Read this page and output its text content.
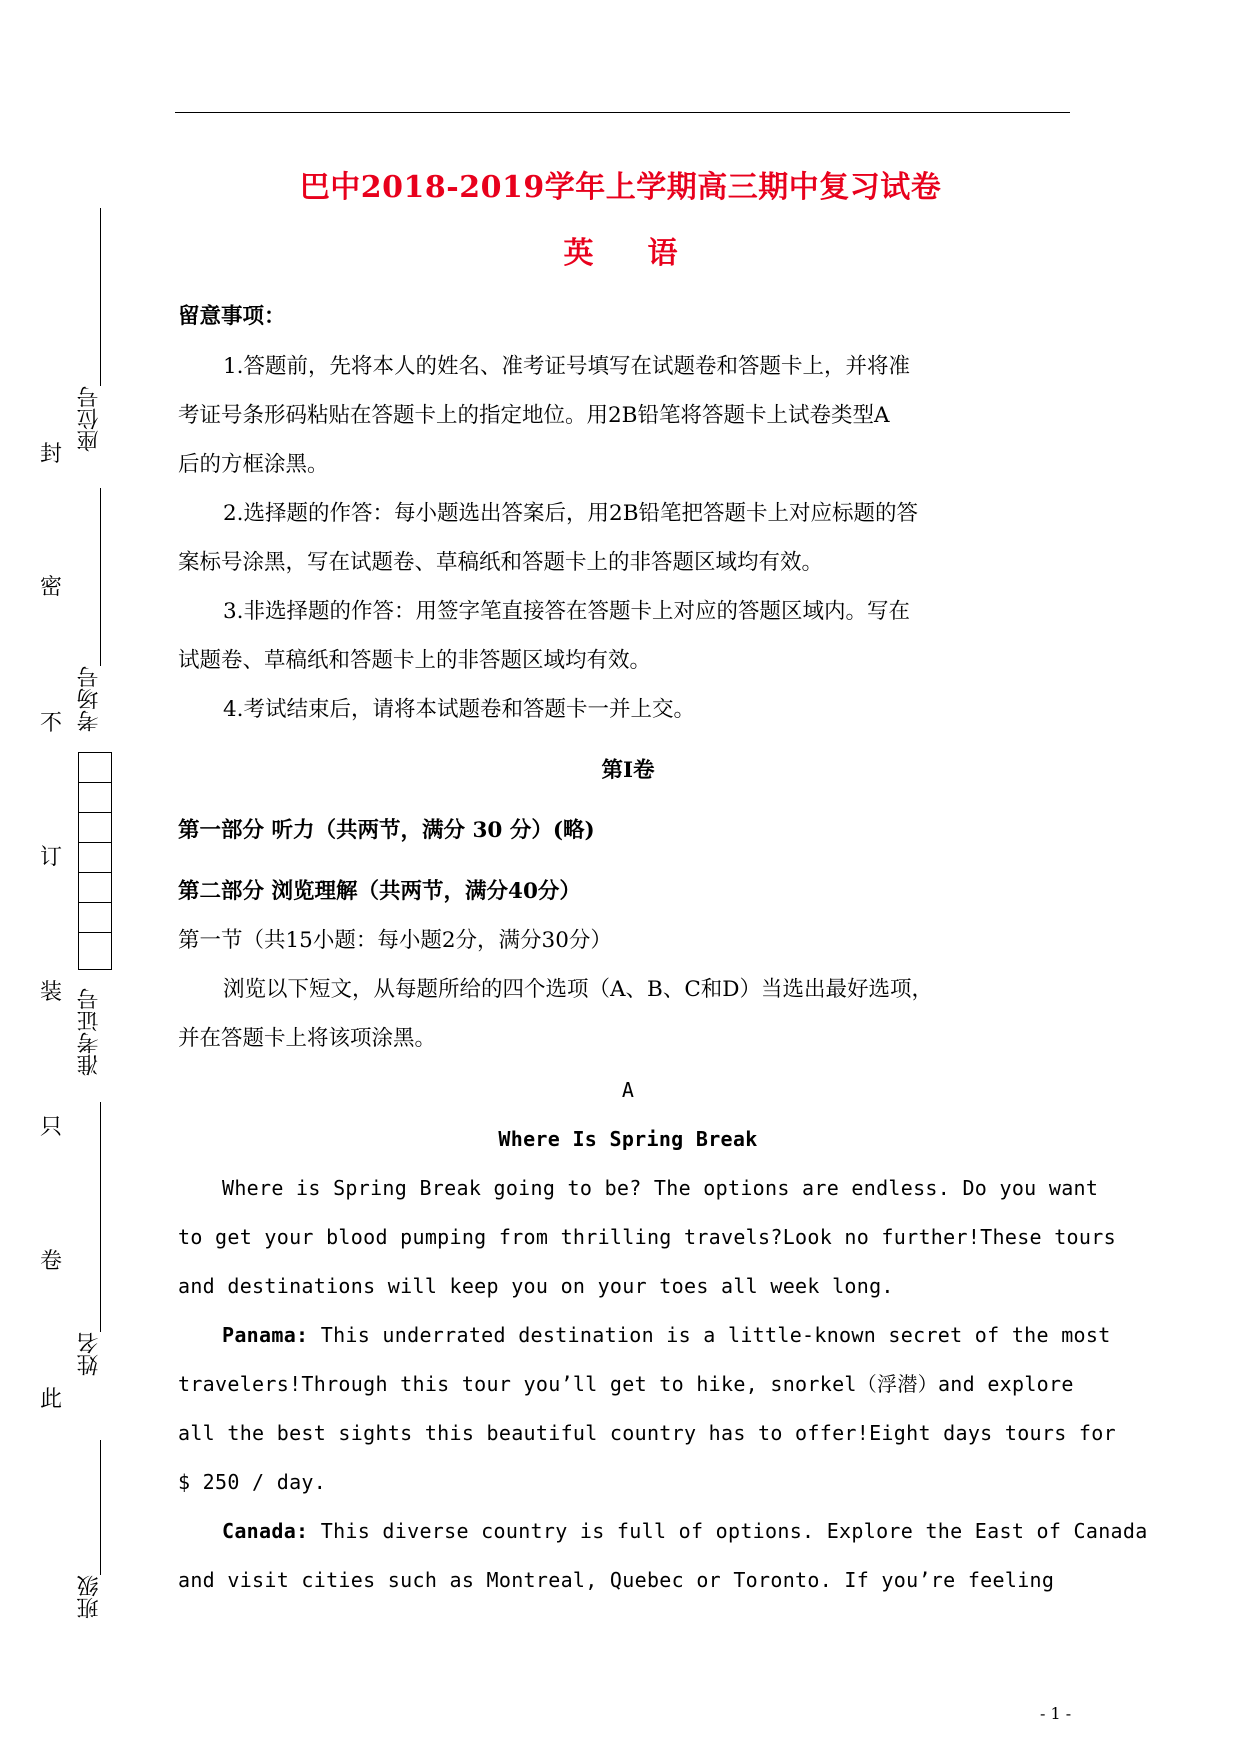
巴中2018-2019学年上学期高三期中复习试卷
英 语
封
密
不
订
装
只
卷
此
座位号
考场号
准考证号
姓名
班级
留意事项：
1.答题前，先将本人的姓名、准考证号填写在试题卷和答题卡上，并将准
考证号条形码粘贴在答题卡上的指定地位。用2B铅笔将答题卡上试卷类型A
后的方框涂黑。
2.选择题的作答：每小题选出答案后，用2B铅笔把答题卡上对应标题的答
案标号涂黑，写在试题卷、草稿纸和答题卡上的非答题区域均有效。
3.非选择题的作答：用签字笔直接答在答题卡上对应的答题区域内。写在
试题卷、草稿纸和答题卡上的非答题区域均有效。
4.考试结束后，请将本试题卷和答题卡一并上交。
第Ⅰ卷
第一部分 听力（共两节，满分 30 分）(略)
第二部分 浏览理解（共两节，满分40分）
第一节（共15小题：每小题2分，满分30分）
浏览以下短文，从每题所给的四个选项（A、B、C和D）当选出最好选项，
并在答题卡上将该项涂黑。
A
Where Is Spring Break
Where is Spring Break going to be? The options are endless. Do you want
to get your blood pumping from thrilling travels?Look no further!These tours
and destinations will keep you on your toes all week long.
Panama: This underrated destination is a little-known secret of the most
travelers!Through this tour you’ll get to hike, snorkel（浮潜）and explore
all the best sights this beautiful country has to offer!Eight days tours for
$ 250 / day.
Canada: This diverse country is full of options. Explore the East of Canada
and visit cities such as Montreal, Quebec or Toronto. If you’re feeling
- 1 -
